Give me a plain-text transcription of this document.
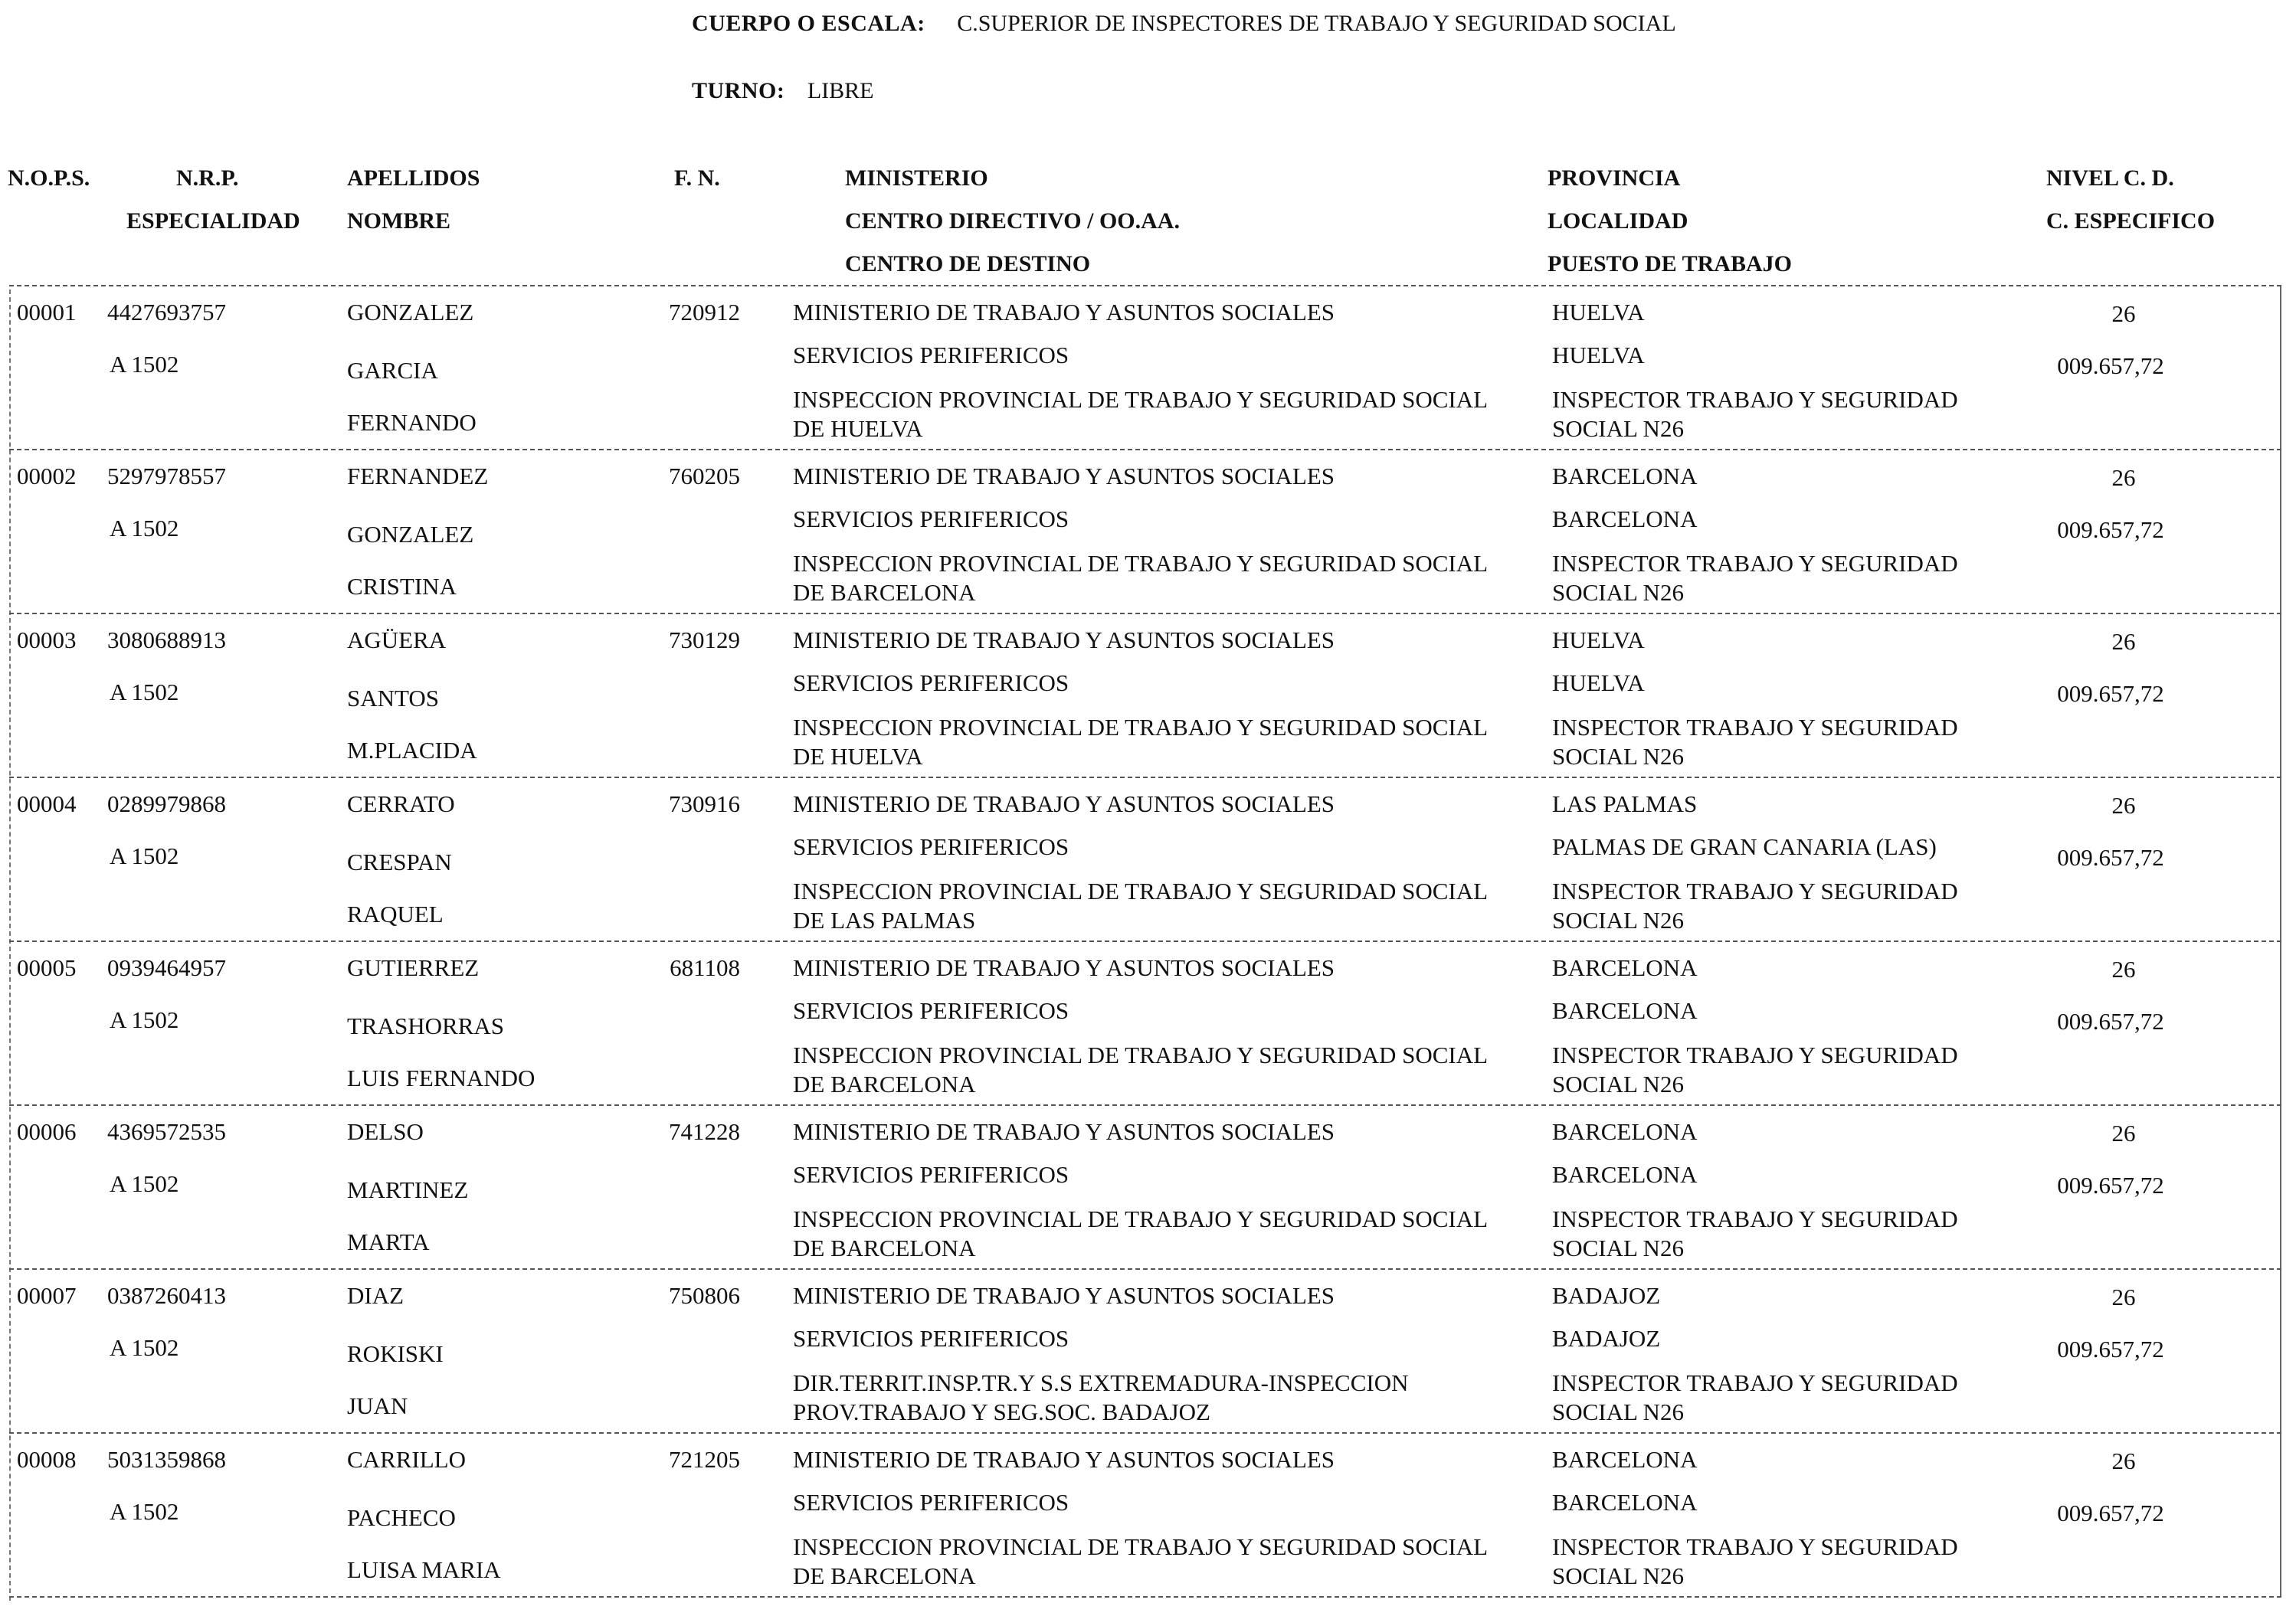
CUERPO O ESCALA: C.SUPERIOR DE INSPECTORES DE TRABAJO Y SEGURIDAD SOCIAL
TURNO: LIBRE
N.O.P.S.	N.R.P.
ESPECIALIDAD
APELLIDOS
NOMBRE
F. N.	MINISTERIO
CENTRO DIRECTIVO / OO.AA.
CENTRO DE DESTINO
PROVINCIA
LOCALIDAD
PUESTO DE TRABAJO
NIVEL C. D.
C. ESPECIFICO
00001 4427693757
A 1502
GONZALEZ
GARCIA
FERNANDO
720912 MINISTERIO DE TRABAJO Y ASUNTOS SOCIALES
SERVICIOS PERIFERICOS
INSPECCION PROVINCIAL DE TRABAJO Y SEGURIDAD SOCIAL
DE HUELVA
HUELVA
HUELVA
INSPECTOR TRABAJO Y SEGURIDAD
SOCIAL N26
26
009.657,72
00002 5297978557
A 1502
FERNANDEZ
GONZALEZ
CRISTINA
760205 MINISTERIO DE TRABAJO Y ASUNTOS SOCIALES
SERVICIOS PERIFERICOS
INSPECCION PROVINCIAL DE TRABAJO Y SEGURIDAD SOCIAL
DE BARCELONA
BARCELONA
BARCELONA
INSPECTOR TRABAJO Y SEGURIDAD
SOCIAL N26
26
009.657,72
00003 3080688913
A 1502
AGÜERA
SANTOS
M.PLACIDA
730129 MINISTERIO DE TRABAJO Y ASUNTOS SOCIALES
SERVICIOS PERIFERICOS
INSPECCION PROVINCIAL DE TRABAJO Y SEGURIDAD SOCIAL
DE HUELVA
HUELVA
HUELVA
INSPECTOR TRABAJO Y SEGURIDAD
SOCIAL N26
26
009.657,72
00004 0289979868
A 1502
CERRATO
CRESPAN
RAQUEL
730916 MINISTERIO DE TRABAJO Y ASUNTOS SOCIALES
SERVICIOS PERIFERICOS
INSPECCION PROVINCIAL DE TRABAJO Y SEGURIDAD SOCIAL
DE LAS PALMAS
LAS PALMAS
PALMAS DE GRAN CANARIA (LAS)
INSPECTOR TRABAJO Y SEGURIDAD
SOCIAL N26
26
009.657,72
00005 0939464957
A 1502
GUTIERREZ
TRASHORRAS
LUIS FERNANDO
681108 MINISTERIO DE TRABAJO Y ASUNTOS SOCIALES
SERVICIOS PERIFERICOS
INSPECCION PROVINCIAL DE TRABAJO Y SEGURIDAD SOCIAL
DE BARCELONA
BARCELONA
BARCELONA
INSPECTOR TRABAJO Y SEGURIDAD
SOCIAL N26
26
009.657,72
00006 4369572535
A 1502
DELSO
MARTINEZ
MARTA
741228 MINISTERIO DE TRABAJO Y ASUNTOS SOCIALES
SERVICIOS PERIFERICOS
INSPECCION PROVINCIAL DE TRABAJO Y SEGURIDAD SOCIAL
DE BARCELONA
BARCELONA
BARCELONA
INSPECTOR TRABAJO Y SEGURIDAD
SOCIAL N26
26
009.657,72
00007 0387260413
A 1502
DIAZ
ROKISKI
JUAN
750806 MINISTERIO DE TRABAJO Y ASUNTOS SOCIALES
SERVICIOS PERIFERICOS
DIR.TERRIT.INSP.TR.Y S.S EXTREMADURA-INSPECCION
PROV.TRABAJO Y SEG.SOC. BADAJOZ
BADAJOZ
BADAJOZ
INSPECTOR TRABAJO Y SEGURIDAD
SOCIAL N26
26
009.657,72
00008 5031359868
A 1502
CARRILLO
PACHECO
LUISA MARIA
721205 MINISTERIO DE TRABAJO Y ASUNTOS SOCIALES
SERVICIOS PERIFERICOS
INSPECCION PROVINCIAL DE TRABAJO Y SEGURIDAD SOCIAL
DE BARCELONA
BARCELONA
BARCELONA
INSPECTOR TRABAJO Y SEGURIDAD
SOCIAL N26
26
009.657,72
